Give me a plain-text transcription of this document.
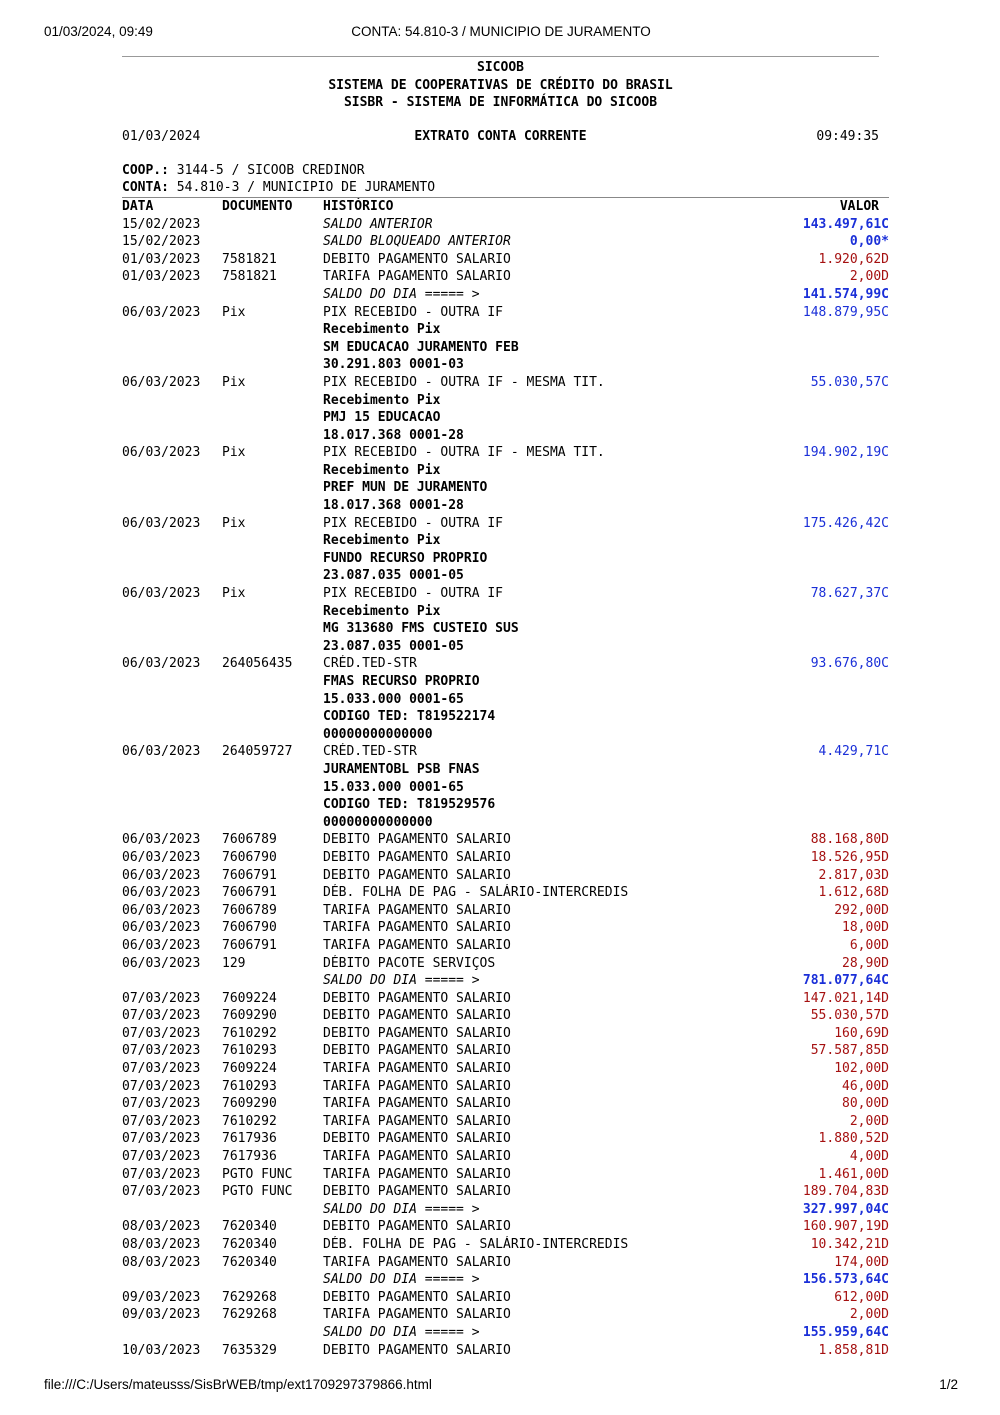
01/03/2024, 09:49	CONTA: 54.810-3 / MUNICIPIO DE JURAMENTO
SICOOB
SISTEMA DE COOPERATIVAS DE CRÉDITO DO BRASIL
SISBR - SISTEMA DE INFORMÁTICA DO SICOOB
01/03/2024	EXTRATO CONTA CORRENTE	09:49:35
COOP.: 3144-5 / SICOOB CREDINOR
CONTA: 54.810-3 / MUNICIPIO DE JURAMENTO
DATA	DOCUMENTO	HISTÓRICO	VALOR
15/02/2023		SALDO ANTERIOR	143.497,61C
15/02/2023		SALDO BLOQUEADO ANTERIOR	0,00*
01/03/2023	7581821	DEBITO PAGAMENTO SALARIO	1.920,62D
01/03/2023	7581821	TARIFA PAGAMENTO SALARIO	2,00D
		SALDO DO DIA ===== >	141.574,99C
06/03/2023	Pix	PIX RECEBIDO - OUTRA IF	148.879,95C
		Recebimento Pix	
		SM EDUCACAO JURAMENTO FEB	
		30.291.803 0001-03	
06/03/2023	Pix	PIX RECEBIDO - OUTRA IF - MESMA TIT.	55.030,57C
		Recebimento Pix	
		PMJ 15 EDUCACAO	
		18.017.368 0001-28	
06/03/2023	Pix	PIX RECEBIDO - OUTRA IF - MESMA TIT.	194.902,19C
		Recebimento Pix	
		PREF MUN DE JURAMENTO	
		18.017.368 0001-28	
06/03/2023	Pix	PIX RECEBIDO - OUTRA IF	175.426,42C
		Recebimento Pix	
		FUNDO RECURSO PROPRIO	
		23.087.035 0001-05	
06/03/2023	Pix	PIX RECEBIDO - OUTRA IF	78.627,37C
		Recebimento Pix	
		MG 313680 FMS CUSTEIO SUS	
		23.087.035 0001-05	
06/03/2023	264056435	CRÉD.TED-STR	93.676,80C
		FMAS RECURSO PROPRIO	
		15.033.000 0001-65	
		CODIGO TED: T819522174	
		00000000000000	
06/03/2023	264059727	CRÉD.TED-STR	4.429,71C
		JURAMENTOBL PSB FNAS	
		15.033.000 0001-65	
		CODIGO TED: T819529576	
		00000000000000	
06/03/2023	7606789	DEBITO PAGAMENTO SALARIO	88.168,80D
06/03/2023	7606790	DEBITO PAGAMENTO SALARIO	18.526,95D
06/03/2023	7606791	DEBITO PAGAMENTO SALARIO	2.817,03D
06/03/2023	7606791	DÉB. FOLHA DE PAG - SALÁRIO-INTERCREDIS	1.612,68D
06/03/2023	7606789	TARIFA PAGAMENTO SALARIO	292,00D
06/03/2023	7606790	TARIFA PAGAMENTO SALARIO	18,00D
06/03/2023	7606791	TARIFA PAGAMENTO SALARIO	6,00D
06/03/2023	129	DÉBITO PACOTE SERVIÇOS	28,90D
		SALDO DO DIA ===== >	781.077,64C
07/03/2023	7609224	DEBITO PAGAMENTO SALARIO	147.021,14D
07/03/2023	7609290	DEBITO PAGAMENTO SALARIO	55.030,57D
07/03/2023	7610292	DEBITO PAGAMENTO SALARIO	160,69D
07/03/2023	7610293	DEBITO PAGAMENTO SALARIO	57.587,85D
07/03/2023	7609224	TARIFA PAGAMENTO SALARIO	102,00D
07/03/2023	7610293	TARIFA PAGAMENTO SALARIO	46,00D
07/03/2023	7609290	TARIFA PAGAMENTO SALARIO	80,00D
07/03/2023	7610292	TARIFA PAGAMENTO SALARIO	2,00D
07/03/2023	7617936	DEBITO PAGAMENTO SALARIO	1.880,52D
07/03/2023	7617936	TARIFA PAGAMENTO SALARIO	4,00D
07/03/2023	PGTO FUNC	TARIFA PAGAMENTO SALARIO	1.461,00D
07/03/2023	PGTO FUNC	DEBITO PAGAMENTO SALARIO	189.704,83D
		SALDO DO DIA ===== >	327.997,04C
08/03/2023	7620340	DEBITO PAGAMENTO SALARIO	160.907,19D
08/03/2023	7620340	DÉB. FOLHA DE PAG - SALÁRIO-INTERCREDIS	10.342,21D
08/03/2023	7620340	TARIFA PAGAMENTO SALARIO	174,00D
		SALDO DO DIA ===== >	156.573,64C
09/03/2023	7629268	DEBITO PAGAMENTO SALARIO	612,00D
09/03/2023	7629268	TARIFA PAGAMENTO SALARIO	2,00D
		SALDO DO DIA ===== >	155.959,64C
10/03/2023	7635329	DEBITO PAGAMENTO SALARIO	1.858,81D
file:///C:/Users/mateusss/SisBrWEB/tmp/ext1709297379866.html	1/2
